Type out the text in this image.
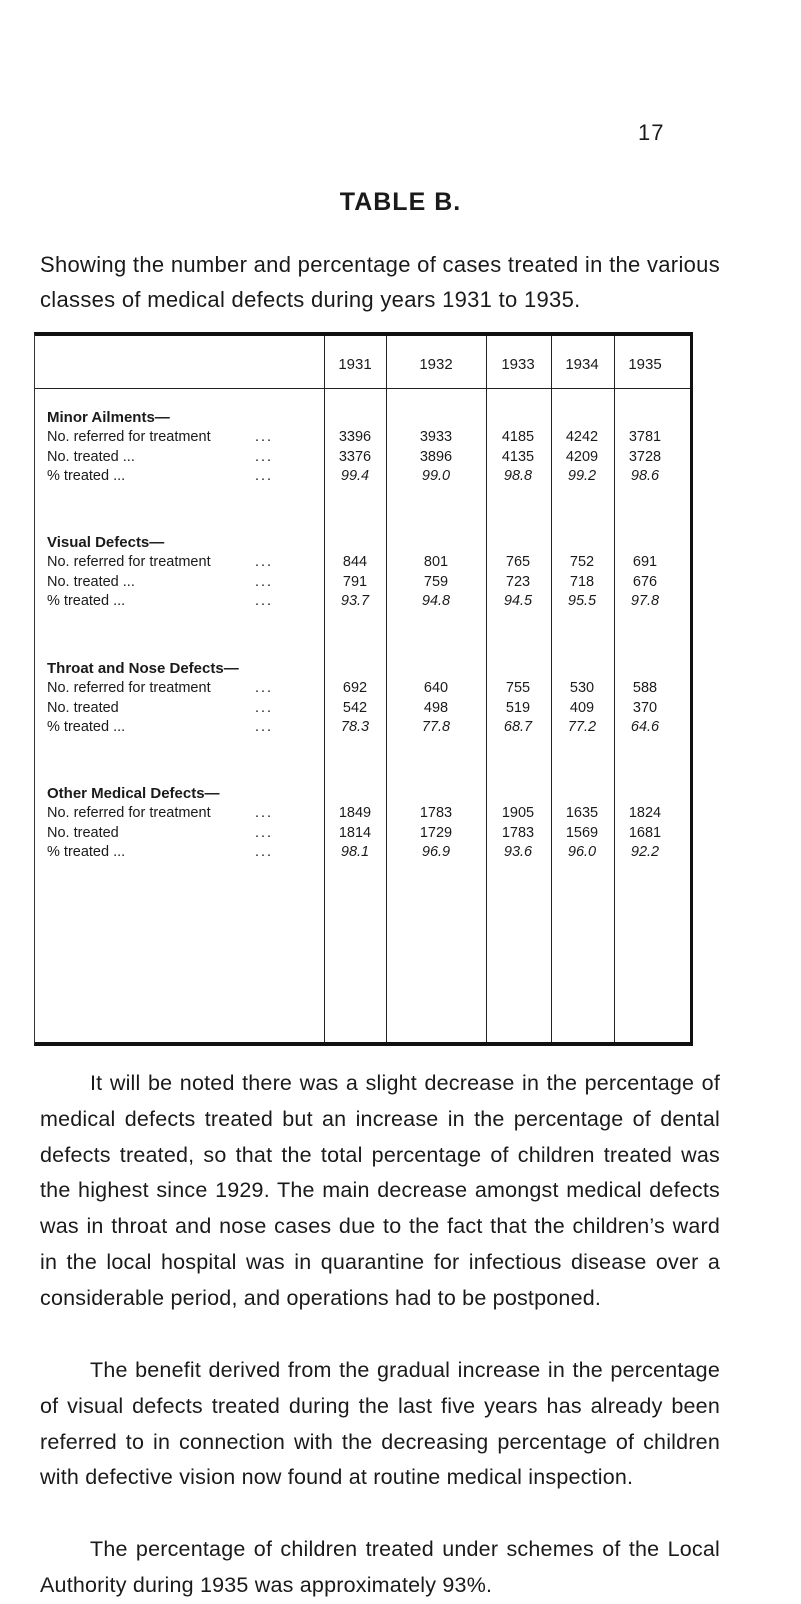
17
TABLE B.
Showing the number and percentage of cases treated in the various classes of medical defects during years 1931 to 1935.
1931	1932	1933	1934	1935
Minor Ailments—
No. referred for treatment	...	3396	3933	4185	4242	3781
No. treated ...	...	3376	3896	4135	4209	3728
% treated ...	...	99.4	99.0	98.8	99.2	98.6
Visual Defects—
No. referred for treatment	...	844	801	765	752	691
No. treated ...	...	791	759	723	718	676
% treated ...	...	93.7	94.8	94.5	95.5	97.8
Throat and Nose Defects—
No. referred for treatment	...	692	640	755	530	588
No. treated	...	542	498	519	409	370
% treated ...	...	78.3	77.8	68.7	77.2	64.6
Other Medical Defects—
No. referred for treatment	...	1849	1783	1905	1635	1824
No. treated	...	1814	1729	1783	1569	1681
% treated ...	...	98.1	96.9	93.6	96.0	92.2
It will be noted there was a slight decrease in the percentage of medical defects treated but an increase in the percentage of dental defects treated, so that the total percentage of children treated was the highest since 1929. The main decrease amongst medical defects was in throat and nose cases due to the fact that the children’s ward in the local hospital was in quarantine for infectious disease over a considerable period, and operations had to be postponed.
The benefit derived from the gradual increase in the percentage of visual defects treated during the last five years has already been referred to in connection with the decreasing percentage of children with defective vision now found at routine medical inspection.
The percentage of children treated under schemes of the Local Authority during 1935 was approximately 93%.
